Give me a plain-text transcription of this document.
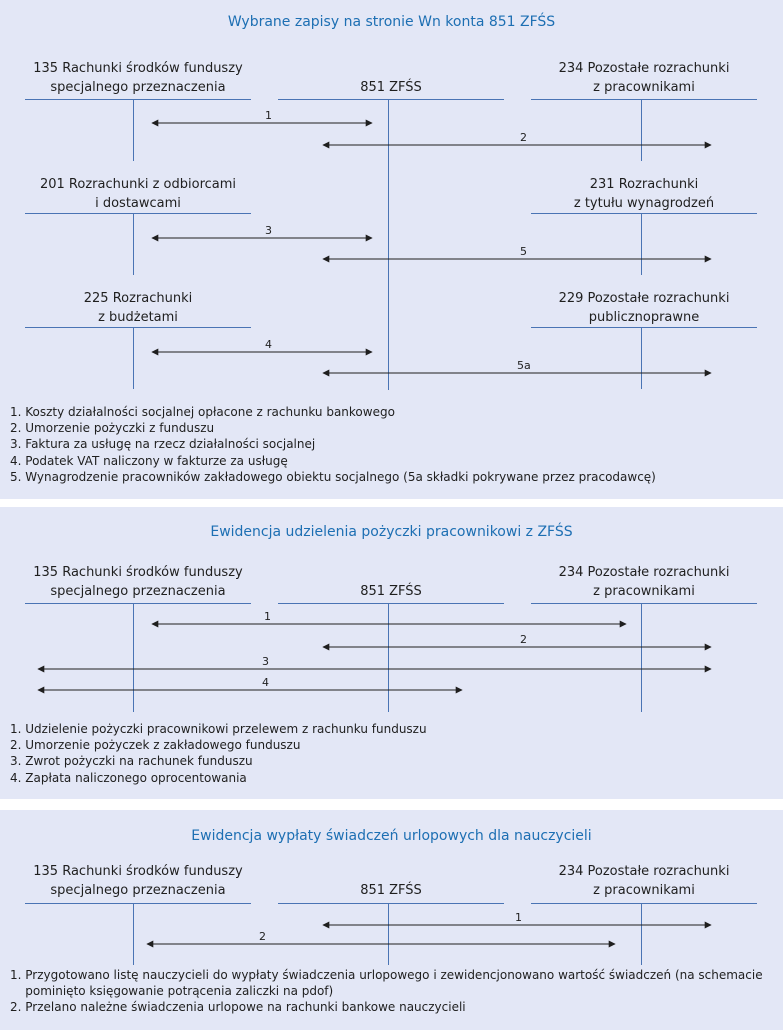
Wybrane zapisy na stronie Wn konta 851 ZFŚS
135 Rachunki środków funduszy
specjalnego przeznaczenia	851 ZFŚS
234 Pozostałe rozrachunki
z pracownikami
201 Rozrachunki z odbiorcami
i dostawcami
231 Rozrachunki
z tytułu wynagrodzeń
225 Rozrachunki
z budżetami
229 Pozostałe rozrachunki
publicznoprawne
1
2
3
5
4
5a
1. Koszty działalności socjalnej opłacone z rachunku bankowego
2. Umorzenie pożyczki z funduszu
3. Faktura za usługę na rzecz działalności socjalnej
4. Podatek VAT naliczony w fakturze za usługę
5. Wynagrodzenie pracowników zakładowego obiektu socjalnego (5a składki pokrywane przez pracodawcę)
Ewidencja udzielenia pożyczki pracownikowi z ZFŚS
135 Rachunki środków funduszy
specjalnego przeznaczenia	851 ZFŚS
234 Pozostałe rozrachunki
z pracownikami
1
2
3
4
1. Udzielenie pożyczki pracownikowi przelewem z rachunku funduszu
2. Umorzenie pożyczek z zakładowego funduszu
3. Zwrot pożyczki na rachunek funduszu
4. Zapłata naliczonego oprocentowania
Ewidencja wypłaty świadczeń urlopowych dla nauczycieli
135 Rachunki środków funduszy
specjalnego przeznaczenia	851 ZFŚS
234 Pozostałe rozrachunki
z pracownikami
1
2
1. Przygotowano listę nauczycieli do wypłaty świadczenia urlopowego i zewidencjonowano wartość świadczeń (na schemacie
pominięto księgowanie potrącenia zaliczki na pdof)
2. Przelano należne świadczenia urlopowe na rachunki bankowe nauczycieli
